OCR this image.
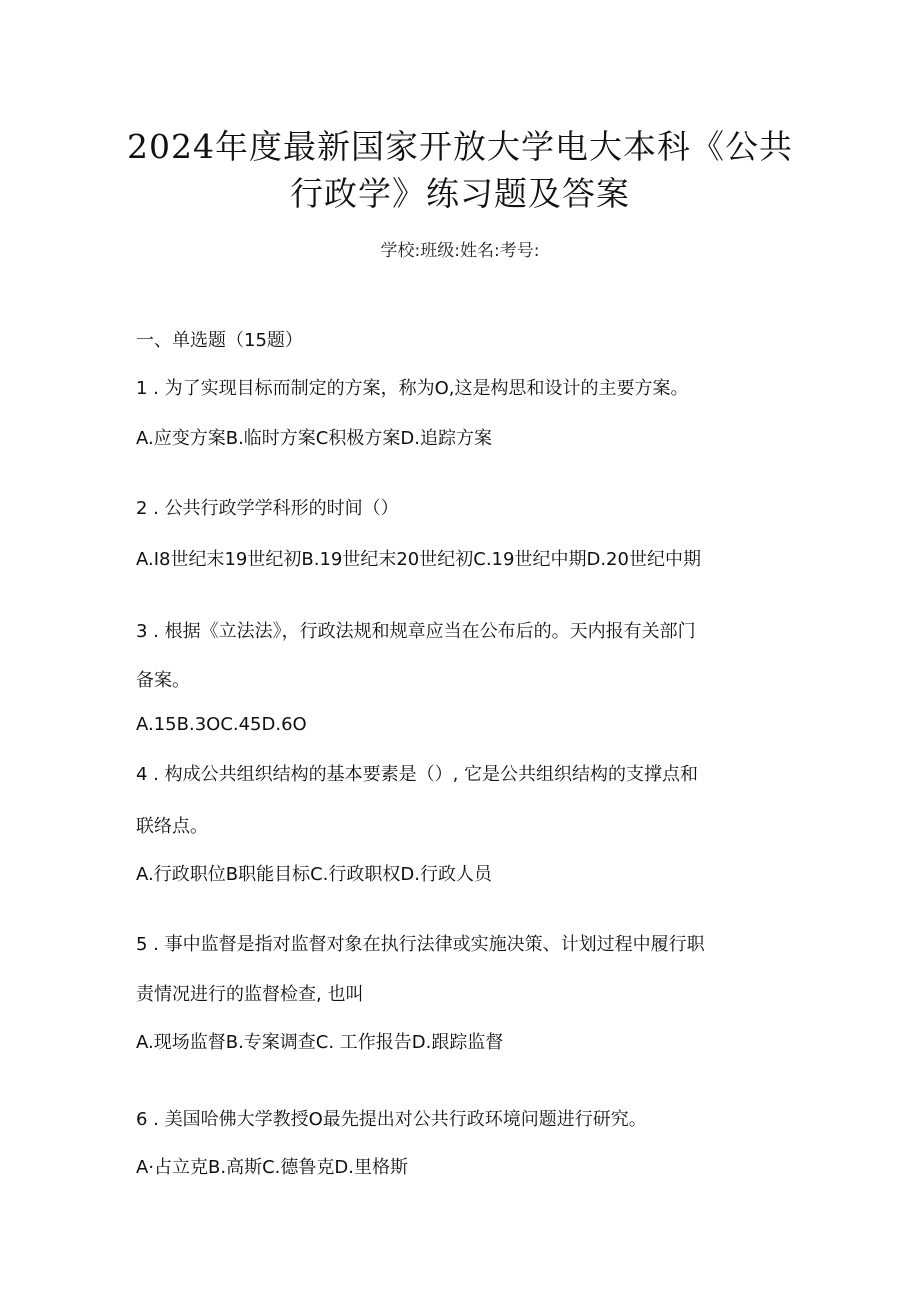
2024年度最新国家开放大学电大本科《公共
行政学》练习题及答案
学校:班级:姓名:考号:
一、单选题（15题）
1 . 为了实现目标而制定的方案，称为O,这是构思和设计的主要方案。
A.应变方案B.临时方案C积极方案D.追踪方案
2 . 公共行政学学科形的时间（）
A.I8世纪末19世纪初B.19世纪末20世纪初C.19世纪中期D.20世纪中期
3 . 根据《立法法》，行政法规和规章应当在公布后的。天内报有关部门
备案。
A.15B.3OC.45D.6O
4 . 构成公共组织结构的基本要素是（）, 它是公共组织结构的支撑点和
联络点。
A.行政职位B职能目标C.行政职权D.行政人员
5 . 事中监督是指对监督对象在执行法律或实施决策、计划过程中履行职
责情况进行的监督检查, 也叫
A.现场监督B.专案调查C. 工作报告D.跟踪监督
6 . 美国哈佛大学教授O最先提出对公共行政环境问题进行研究。
A·占立克B.高斯C.德鲁克D.里格斯
